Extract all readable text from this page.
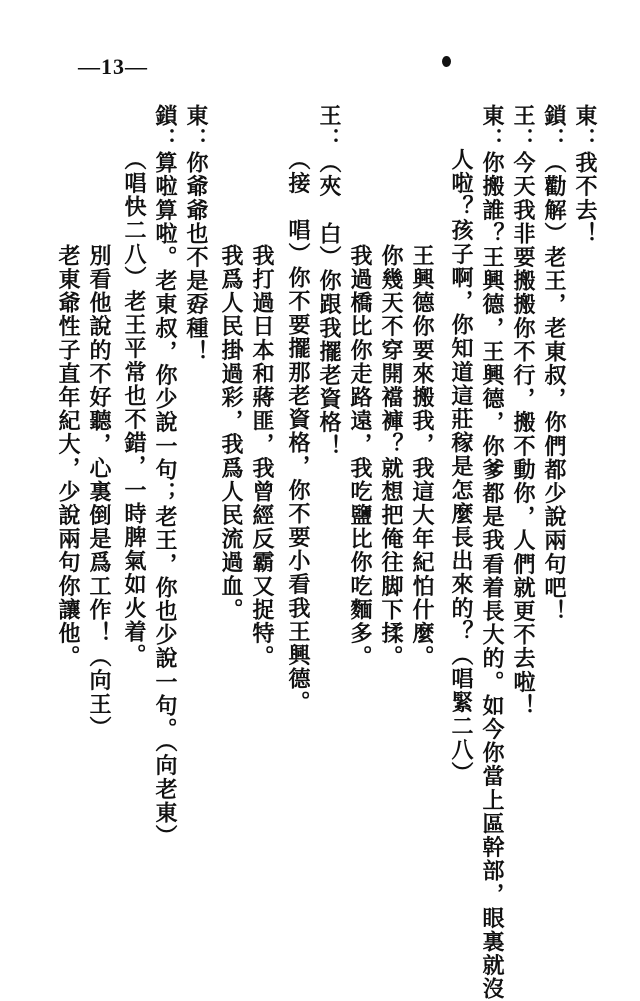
—13—
東：我不去！
鎖：（勸解）老王，老東叔，你們都少說兩句吧！
王：今天我非要搬搬你不行，搬不動你，人們就更不去啦！
東：你搬誰？王興德，王興德，你爹都是我看着長大的。如今你當上區幹部，眼裏就沒
人啦？孩子啊，你知道這莊稼是怎麼長出來的？（唱緊二八）
王興德你要來搬我，我這大年紀怕什麼。
你幾天不穿開襠褲？就想把俺往脚下揉。
我過橋比你走路遠，我吃鹽比你吃麵多。
王：（夾　白）你跟我擺老資格！
（接　唱）你不要擺那老資格，你不要小看我王興德。
我打過日本和蔣匪，我曾經反霸又捉特。
我爲人民掛過彩，我爲人民流過血。
東：你爺爺也不是孬種！
鎖：算啦算啦。老東叔，你少說一句；老王，你也少說一句。（向老東）
（唱快二八）老王平常也不錯，一時脾氣如火着。
別看他說的不好聽，心裏倒是爲工作！（向王）
老東爺性子直年紀大，少說兩句你讓他。
